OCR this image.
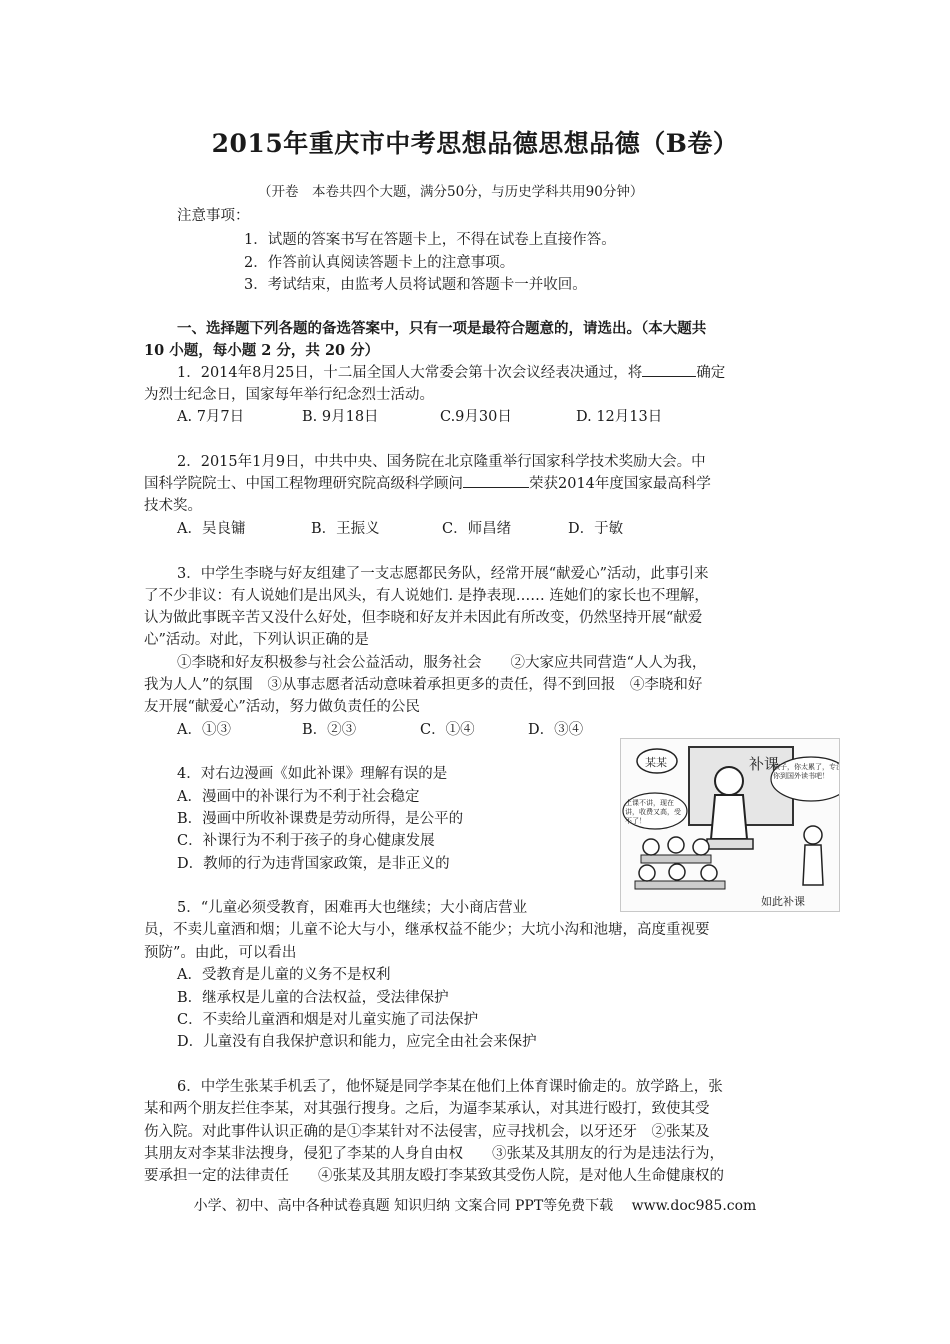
2015年重庆市中考思想品德思想品德（B卷）
（开卷　本卷共四个大题，满分50分，与历史学科共用90分钟）
注意事项：
1．试题的答案书写在答题卡上，不得在试卷上直接作答。
2．作答前认真阅读答题卡上的注意事项。
3．考试结束，由监考人员将试题和答题卡一并收回。
一、选择题下列各题的备选答案中，只有一项是最符合题意的，请选出。（本大题共
10 小题，每小题 2 分，共 20 分）
1．2014年8月25日，十二届全国人大常委会第十次会议经表决通过，将	确定
为烈士纪念日，国家每年举行纪念烈士活动。
A. 7月7日	B. 9月18日	C.9月30日	D. 12月13日
2．2015年1月9日，中共中央、国务院在北京隆重举行国家科学技术奖励大会。中
国科学院院士、中国工程物理研究院高级科学顾问	荣获2014年度国家最高科学
技术奖。
A．吴良镛	B．王振义	C．师昌绪	D．于敏
3．中学生李晓与好友组建了一支志愿都民务队，经常开展“献爱心”活动，此事引来
了不少非议：有人说她们是出风头，有人说她们. 是挣表现…… 连她们的家长也不理解，
认为做此事既辛苦又没什么好处，但李晓和好友并未因此有所改变，仍然坚持开展“献爱
心”活动。对此，下列认识正确的是
①李晓和好友积极参与社会公益活动，服务社会　　②大家应共同营造“人人为我，
我为人人”的氛围　③从事志愿者活动意味着承担更多的责任，得不到回报　④李晓和好
友开展“献爱心”活动，努力做负责任的公民
A．①③	B．②③	C．①④	D．③④
4．对右边漫画《如此补课》理解有误的是
A．漫画中的补课行为不利于社会稳定
B．漫画中所收补课费是劳动所得，是公平的
C．补课行为不利于孩子的身心健康发展
D．教师的行为违背国家政策，是非正义的
补课
孩子，你太累了，专注你到国外读书吧！
上课不讲，现在讲，收费又高，受不了！
某某
如此补课
5．“儿童必须受教育，困难再大也继续；大小商店营业
员，不卖儿童酒和烟；儿童不论大与小，继承权益不能少；大坑小沟和池塘，高度重视要
预防”。由此，可以看出
A．受教育是儿童的义务不是权利
B．继承权是儿童的合法权益，受法律保护
C．不卖给儿童酒和烟是对儿童实施了司法保护
D．儿童没有自我保护意识和能力，应完全由社会来保护
6．中学生张某手机丢了，他怀疑是同学李某在他们上体育课时偷走的。放学路上，张
某和两个朋友拦住李某，对其强行搜身。之后，为逼李某承认，对其进行殴打，致使其受
伤入院。对此事件认识正确的是①李某针对不法侵害，应寻找机会，以牙还牙　②张某及
其朋友对李某非法搜身，侵犯了李某的人身自由权　　③张某及其朋友的行为是违法行为，
要承担一定的法律责任　　④张某及其朋友殴打李某致其受伤人院，是对他人生命健康权的
小学、初中、高中各种试卷真题 知识归纳 文案合同 PPT等免费下载　 www.doc985.com
